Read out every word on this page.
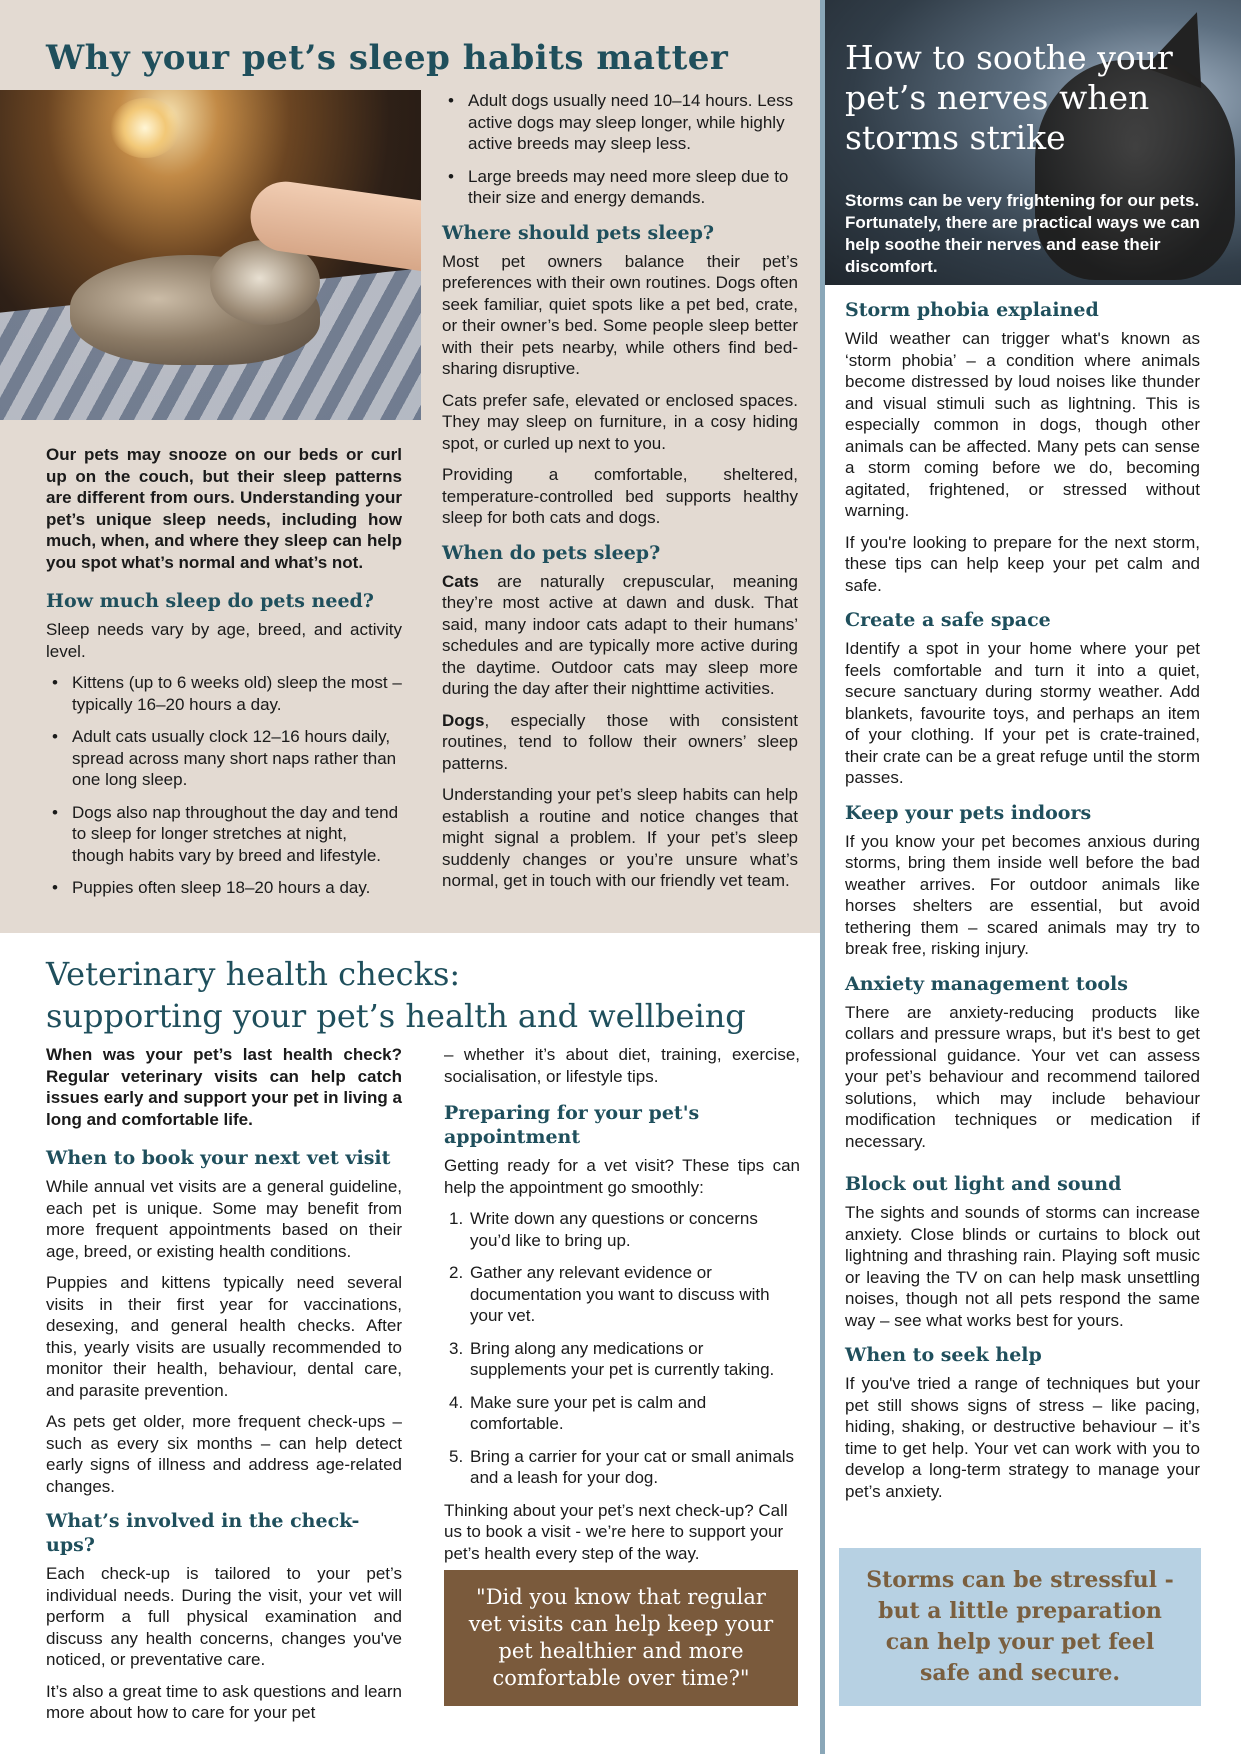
Why your pet’s sleep habits matter

Our pets may snooze on our beds or curl up on the couch, but their sleep patterns are different from ours. Understanding your pet’s unique sleep needs, including how much, when, and where they sleep can help you spot what’s normal and what’s not.

How much sleep do pets need?

Sleep needs vary by age, breed, and activity level.

• Kittens (up to 6 weeks old) sleep the most – typically 16–20 hours a day.
• Adult cats usually clock 12–16 hours daily, spread across many short naps rather than one long sleep.
• Dogs also nap throughout the day and tend to sleep for longer stretches at night, though habits vary by breed and lifestyle.
• Puppies often sleep 18–20 hours a day.
• Adult dogs usually need 10–14 hours. Less active dogs may sleep longer, while highly active breeds may sleep less.
• Large breeds may need more sleep due to their size and energy demands.
Where should pets sleep?

Most pet owners balance their pet’s preferences with their own routines. Dogs often seek familiar, quiet spots like a pet bed, crate, or their owner’s bed. Some people sleep better with their pets nearby, while others find bed-sharing disruptive.

Cats prefer safe, elevated or enclosed spaces. They may sleep on furniture, in a cosy hiding spot, or curled up next to you.

Providing a comfortable, sheltered, temperature-controlled bed supports healthy sleep for both cats and dogs.

When do pets sleep?

Cats are naturally crepuscular, meaning they’re most active at dawn and dusk. That said, many indoor cats adapt to their humans’ schedules and are typically more active during the daytime. Outdoor cats may sleep more during the day after their nighttime activities.

Dogs, especially those with consistent routines, tend to follow their owners’ sleep patterns.

Understanding your pet’s sleep habits can help establish a routine and notice changes that might signal a problem. If your pet’s sleep suddenly changes or you’re unsure what’s normal, get in touch with our friendly vet team.

How to soothe your pet’s nerves when storms strike

Storms can be very frightening for our pets. Fortunately, there are practical ways we can help soothe their nerves and ease their discomfort.

Storm phobia explained

Wild weather can trigger what's known as ‘storm phobia’ – a condition where animals become distressed by loud noises like thunder and visual stimuli such as lightning. This is especially common in dogs, though other animals can be affected. Many pets can sense a storm coming before we do, becoming agitated, frightened, or stressed without warning.

If you're looking to prepare for the next storm, these tips can help keep your pet calm and safe.

Create a safe space

Identify a spot in your home where your pet feels comfortable and turn it into a quiet, secure sanctuary during stormy weather. Add blankets, favourite toys, and perhaps an item of your clothing. If your pet is crate-trained, their crate can be a great refuge until the storm passes.

Keep your pets indoors

If you know your pet becomes anxious during storms, bring them inside well before the bad weather arrives. For outdoor animals like horses shelters are essential, but avoid tethering them – scared animals may try to break free, risking injury.

Anxiety management tools

There are anxiety-reducing products like collars and pressure wraps, but it's best to get professional guidance. Your vet can assess your pet’s behaviour and recommend tailored solutions, which may include behaviour modification techniques or medication if necessary.

Block out light and sound

The sights and sounds of storms can increase anxiety. Close blinds or curtains to block out lightning and thrashing rain. Playing soft music or leaving the TV on can help mask unsettling noises, though not all pets respond the same way – see what works best for yours.

When to seek help

If you've tried a range of techniques but your pet still shows signs of stress – like pacing, hiding, shaking, or destructive behaviour – it’s time to get help. Your vet can work with you to develop a long-term strategy to manage your pet’s anxiety.

Storms can be stressful - but a little preparation can help your pet feel safe and secure.
Veterinary health checks:
supporting your pet’s health and wellbeing

When was your pet’s last health check? Regular veterinary visits can help catch issues early and support your pet in living a long and comfortable life.

When to book your next vet visit

While annual vet visits are a general guideline, each pet is unique. Some may benefit from more frequent appointments based on their age, breed, or existing health conditions.

Puppies and kittens typically need several visits in their first year for vaccinations, desexing, and general health checks. After this, yearly visits are usually recommended to monitor their health, behaviour, dental care, and parasite prevention.

As pets get older, more frequent check-ups – such as every six months – can help detect early signs of illness and address age-related changes.

What’s involved in the check-ups?

Each check-up is tailored to your pet’s individual needs. During the visit, your vet will perform a full physical examination and discuss any health concerns, changes you've noticed, or preventative care.

It’s also a great time to ask questions and learn more about how to care for your pet

– whether it’s about diet, training, exercise, socialisation, or lifestyle tips.

Preparing for your pet's appointment

Getting ready for a vet visit? These tips can help the appointment go smoothly:

1. Write down any questions or concerns you’d like to bring up.
2. Gather any relevant evidence or documentation you want to discuss with your vet.
3. Bring along any medications or supplements your pet is currently taking.
4. Make sure your pet is calm and comfortable.
5. Bring a carrier for your cat or small animals and a leash for your dog.

Thinking about your pet’s next check-up? Call us to book a visit - we’re here to support your pet’s health every step of the way.

"Did you know that regular vet visits can help keep your pet healthier and more comfortable over time?"
